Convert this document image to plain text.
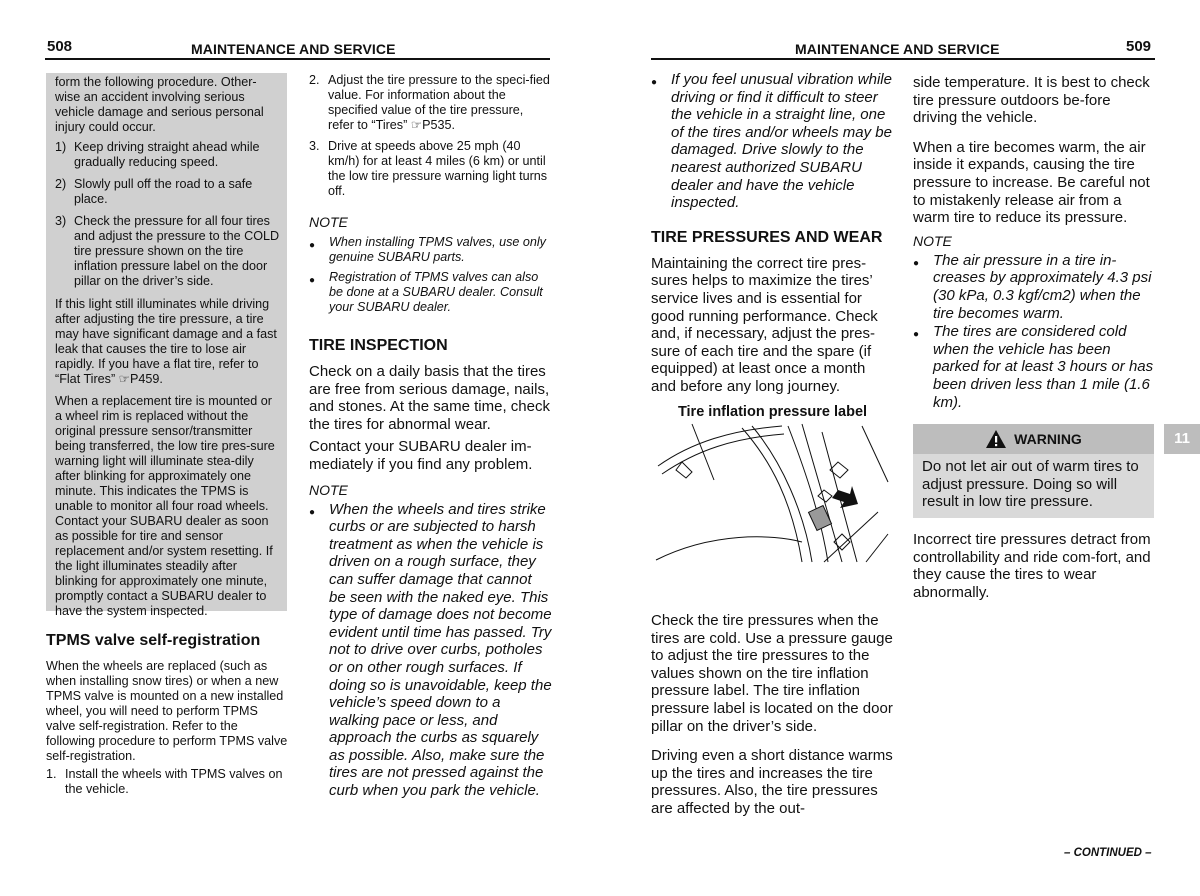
508	MAINTENANCE AND SERVICE	MAINTENANCE AND SERVICE	509

form the following procedure. Other-wise an accident involving serious vehicle damage and serious personal injury could occur.

1) Keep driving straight ahead while gradually reducing speed.
2) Slowly pull off the road to a safe place.
3) Check the pressure for all four tires and adjust the pressure to the COLD tire pressure shown on the tire inflation pressure label on the door pillar on the driver’s side.

If this light still illuminates while driving after adjusting the tire pressure, a tire may have significant damage and a fast leak that causes the tire to lose air rapidly. If you have a flat tire, refer to “Flat Tires” ☞P459.

When a replacement tire is mounted or a wheel rim is replaced without the original pressure sensor/transmitter being transferred, the low tire pres-sure warning light will illuminate stea-dily after blinking for approximately one minute. This indicates the TPMS is unable to monitor all four road wheels. Contact your SUBARU dealer as soon as possible for tire and sensor replacement and/or system resetting. If the light illuminates steadily after blinking for approximately one minute, promptly contact a SUBARU dealer to have the system inspected.

TPMS valve self-registration

When the wheels are replaced (such as when installing snow tires) or when a new TPMS valve is mounted on a new installed wheel, you will need to perform TPMS valve self-registration. Refer to the following procedure to perform TPMS valve self-registration.

1. Install the wheels with TPMS valves on the vehicle.
2. Adjust the tire pressure to the speci-fied value. For information about the specified value of the tire pressure, refer to “Tires” ☞P535.
3. Drive at speeds above 25 mph (40 km/h) for at least 4 miles (6 km) or until the low tire pressure warning light turns off.
NOTE
●	When installing TPMS valves, use only genuine SUBARU parts.
●	Registration of TPMS valves can also be done at a SUBARU dealer. Consult your SUBARU dealer.
TIRE INSPECTION

Check on a daily basis that the tires are free from serious damage, nails, and stones. At the same time, check the tires for abnormal wear.

Contact your SUBARU dealer im-mediately if you find any problem.

NOTE
● When the wheels and tires strike curbs or are subjected to harsh treatment as when the vehicle is driven on a rough surface, they can suffer damage that cannot be seen with the naked eye. This type of damage does not become evident until time has passed. Try not to drive over curbs, potholes or on other rough surfaces. If doing so is unavoidable, keep the vehicle’s speed down to a walking pace or less, and approach the curbs as squarely as possible. Also, make sure the tires are not pressed against the curb when you park the vehicle.
● If you feel unusual vibration while driving or find it difficult to steer the vehicle in a straight line, one of the tires and/or wheels may be damaged. Drive slowly to the nearest authorized SUBARU dealer and have the vehicle inspected.
TIRE PRESSURES AND WEAR

Maintaining the correct tire pres-sures helps to maximize the tires’ service lives and is essential for good running performance. Check and, if necessary, adjust the pres-sure of each tire and the spare (if equipped) at least once a month and before any long journey.

Tire inflation pressure label

Check the tire pressures when the tires are cold. Use a pressure gauge to adjust the tire pressures to the values shown on the tire inflation pressure label. The tire inflation pressure label is located on the door pillar on the driver’s side.

Driving even a short distance warms up the tires and increases the tire pressures. Also, the tire pressures are affected by the out-

side temperature. It is best to check tire pressure outdoors be-fore driving the vehicle.

When a tire becomes warm, the air inside it expands, causing the tire pressure to increase. Be careful not to mistakenly release air from a warm tire to reduce its pressure.

NOTE
● The air pressure in a tire in-creases by approximately 4.3 psi (30 kPa, 0.3 kgf/cm2) when the tire becomes warm.
● The tires are considered cold when the vehicle has been parked for at least 3 hours or has been driven less than 1 mile (1.6 km).
WARNING
Do not let air out of warm tires to adjust pressure. Doing so will result in low tire pressure.

Incorrect tire pressures detract from controllability and ride com-fort, and they cause the tires to wear abnormally.

11
– CONTINUED –
